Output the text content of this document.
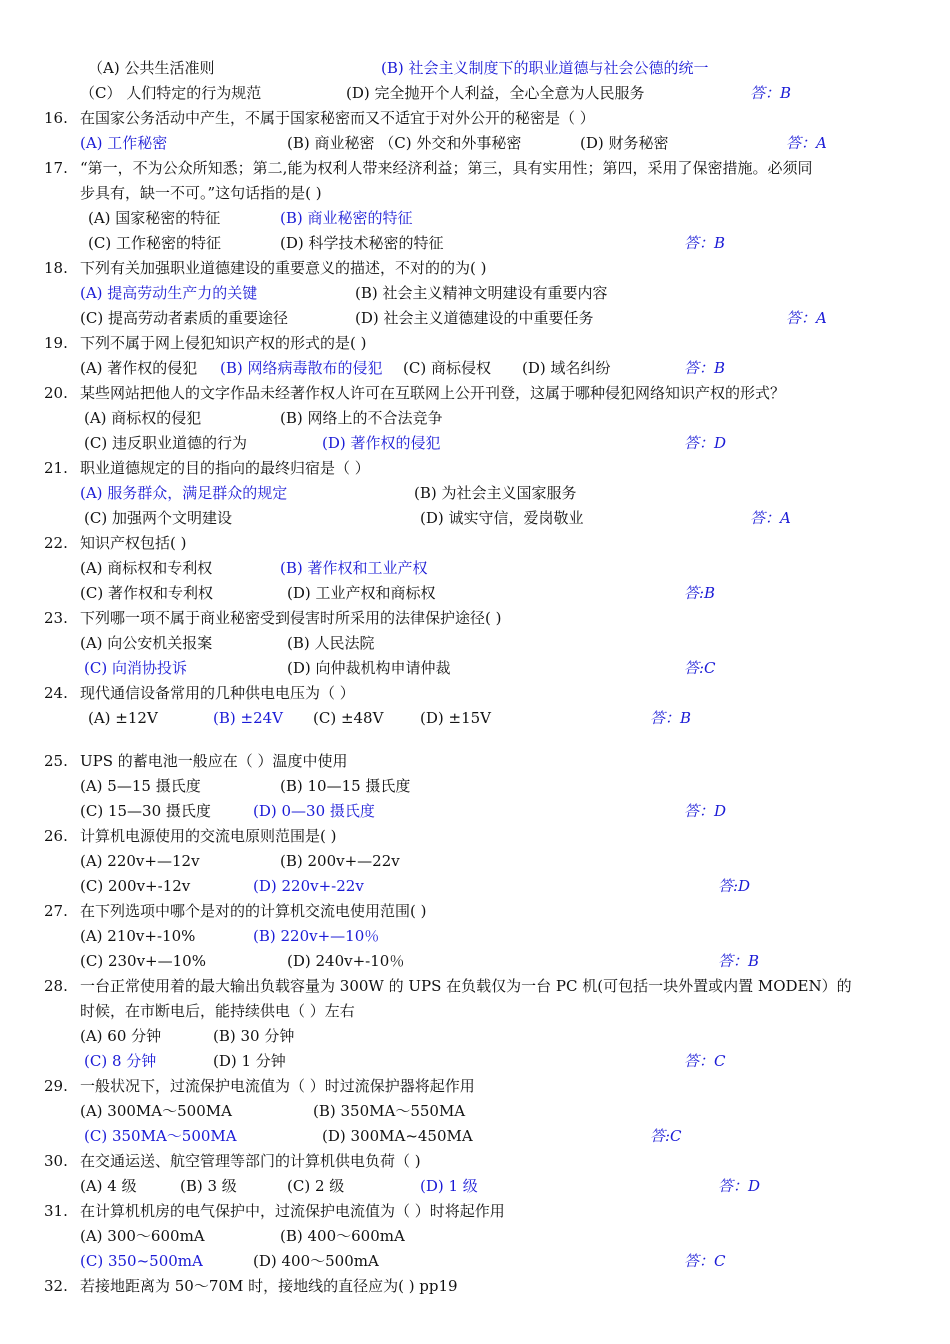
（A) 公共生活准则	(B) 社会主义制度下的职业道德与社会公德的统一
（C） 人们特定的行为规范	(D) 完全抛开个人利益，全心全意为人民服务	答：B
16. 在国家公务活动中产生，不属于国家秘密而又不适宜于对外公开的秘密是（ ）
(A) 工作秘密	(B) 商业秘密 （C) 外交和外事秘密	(D) 财务秘密	答：A
17. “第一，不为公众所知悉；第二,能为权利人带来经济利益；第三，具有实用性；第四，采用了保密措施。必须同
步具有，缺一不可。”这句话指的是( )
(A) 国家秘密的特征	(B) 商业秘密的特征
(C) 工作秘密的特征	(D) 科学技术秘密的特征	答：B
18. 下列有关加强职业道德建设的重要意义的描述，不对的的为( )
(A) 提高劳动生产力的关键	(B) 社会主义精神文明建设有重要内容
(C) 提高劳动者素质的重要途径	(D) 社会主义道德建设的中重要任务	答：A
19. 下列不属于网上侵犯知识产权的形式的是( )
(A) 著作权的侵犯 (B) 网络病毒散布的侵犯 (C) 商标侵权 (D) 域名纠纷	答：B
20. 某些网站把他人的文字作品未经著作权人许可在互联网上公开刊登，这属于哪种侵犯网络知识产权的形式？
(A) 商标权的侵犯	(B) 网络上的不合法竞争
(C) 违反职业道德的行为	(D) 著作权的侵犯	答：D
21. 职业道德规定的目的指向的最终归宿是（ ）
(A) 服务群众，满足群众的规定	(B) 为社会主义国家服务
(C) 加强两个文明建设	(D) 诚实守信，爱岗敬业	答：A
22. 知识产权包括( )
(A) 商标权和专利权	(B) 著作权和工业产权
(C) 著作权和专利权	(D) 工业产权和商标权	答:B
23. 下列哪一项不属于商业秘密受到侵害时所采用的法律保护途径( )
(A) 向公安机关报案	(B) 人民法院
(C) 向消协投诉	(D) 向仲裁机构申请仲裁	答:C
24. 现代通信设备常用的几种供电电压为（ ）
(A) ±12V	(B) ±24V (C) ±48V (D) ±15V	答：B
25. UPS 的蓄电池一般应在（ ）温度中使用
(A) 5—15 摄氏度	(B) 10—15 摄氏度
(C) 15—30 摄氏度	(D) 0—30 摄氏度	答：D
26. 计算机电源使用的交流电原则范围是( )
(A) 220v+—12v	(B) 200v+—22v
(C) 200v+-12v	(D) 220v+-22v	答:D
27. 在下列选项中哪个是对的的计算机交流电使用范围( )
(A) 210v+-10%	(B) 220v+—10％
(C) 230v+—10%	(D) 240v+-10％	答：B
28. 一台正常使用着的最大输出负载容量为 300W 的 UPS 在负载仅为一台 PC 机(可包括一块外置或内置 MODEN）的
时候，在市断电后，能持续供电（ ）左右
(A) 60 分钟	(B) 30 分钟
(C) 8 分钟	(D) 1 分钟	答：C
29. 一般状况下，过流保护电流值为（ ）时过流保护器将起作用
(A) 300MA～500MA	(B) 350MA～550MA
(C) 350MA～500MA	(D) 300MA~450MA	答:C
30. 在交通运送、航空管理等部门的计算机供电负荷（ )
(A) 4 级	(B) 3 级	(C) 2 级	(D) 1 级	答：D
31. 在计算机机房的电气保护中，过流保护电流值为（ ）时将起作用
(A) 300～600mA	(B) 400～600mA
(C) 350~500mA	(D) 400～500mA	答：C
32. 若接地距离为 50～70M 时，接地线的直径应为( ) pp19
